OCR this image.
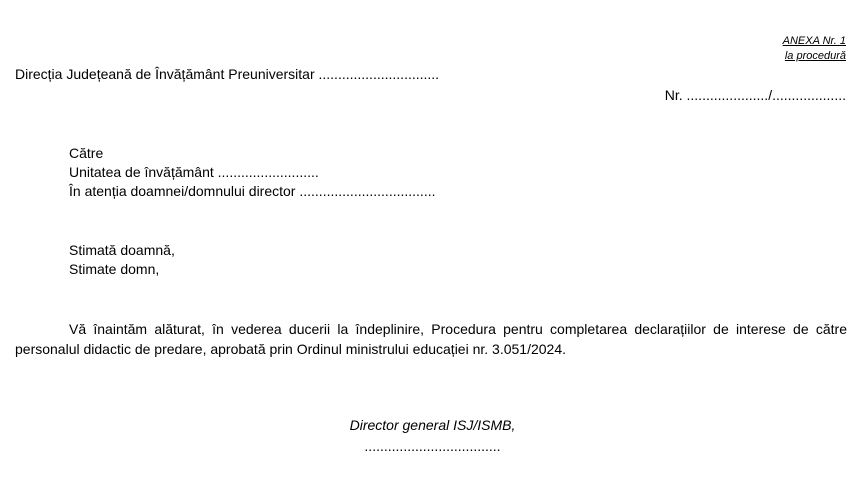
ANEXA Nr. 1
la procedură
Direcția Județeană de Învățământ Preuniversitar ...............................
Nr. ...................../...................
Către
Unitatea de învățământ ..........................
În atenția doamnei/domnului director ...................................
Stimată doamnă,
Stimate domn,
Vă înaintăm alăturat, în vederea ducerii la îndeplinire, Procedura pentru completarea declarațiilor de interese de către
personalul didactic de predare, aprobată prin Ordinul ministrului educației nr. 3.051/2024.
Director general ISJ/ISMB,
...................................
